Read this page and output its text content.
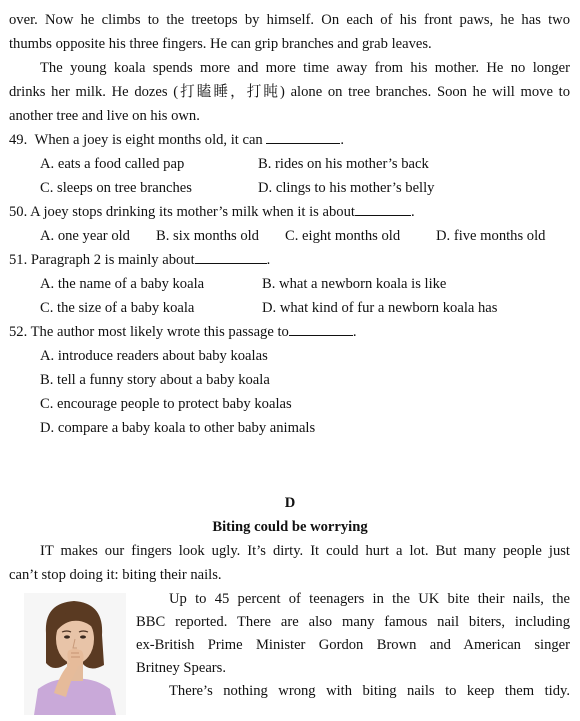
over. Now he climbs to the treetops by himself. On each of his front paws, he has two
thumbs opposite his three fingers. He can grip branches and grab leaves.
The young koala spends more and more time away from his mother. He no longer
drinks her milk. He dozes (打瞌睡，打盹) alone on tree branches. Soon he will move to
another tree and live on his own.
49. When a joey is eight months old, it can	.
A. eats a food called pap	B. rides on his mother’s back
C. sleeps on tree branches	D. clings to his mother’s belly
50. A joey stops drinking its mother’s milk when it is about	.
A. one year old B. six months old C. eight months old D. five months old
51. Paragraph 2 is mainly about	.
A. the name of a baby koala	B. what a newborn koala is like
C. the size of a baby koala	D. what kind of fur a newborn koala has
52. The author most likely wrote this passage to	.
A. introduce readers about baby koalas
B. tell a funny story about a baby koala
C. encourage people to protect baby koalas
D. compare a baby koala to other baby animals
D
Biting could be worrying
IT makes our fingers look ugly. It’s dirty. It could hurt a lot. But many people just
can’t stop doing it: biting their nails.
Up to 45 percent of teenagers in the UK bite their nails, the
BBC reported. There are also many famous nail biters, including
ex-British Prime Minister Gordon Brown and American singer
Britney Spears.
There’s nothing wrong with biting nails to keep them tidy.
